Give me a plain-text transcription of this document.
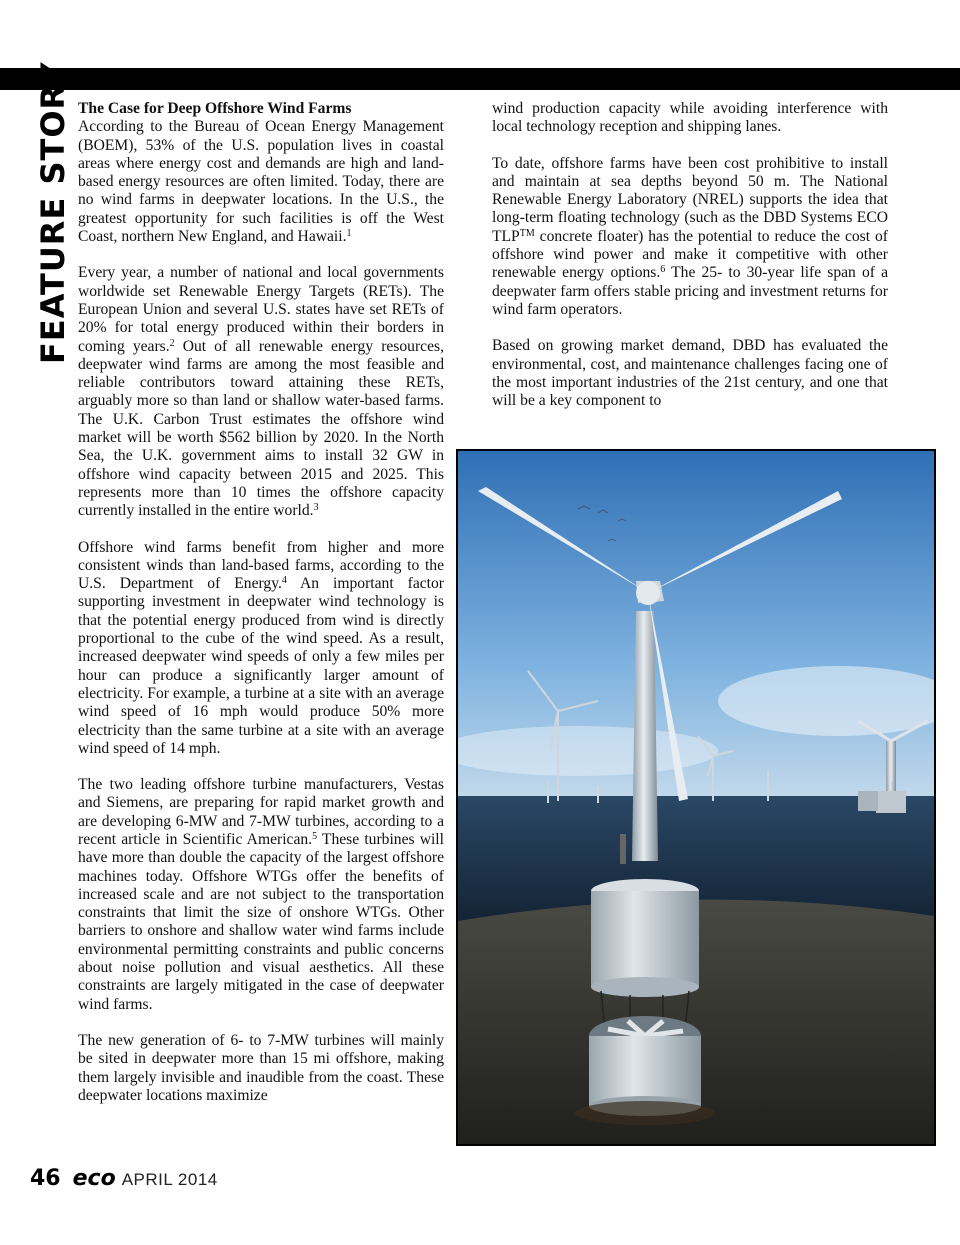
FEATURE STORY The Case for Deep Offshore Wind Farms
According to the Bureau of Ocean Energy Management (BOEM), 53% of the U.S. population lives in coastal areas where energy cost and demands are high and land-based energy resources are often limited. Today, there are no wind farms in deepwater locations. In the U.S., the greatest opportunity for such facilities is off the West Coast, northern New England, and Hawaii.$^1$

Every year, a number of national and local governments worldwide set Renewable Energy Targets (RETs). The European Union and several U.S. states have set RETs of 20% for total energy produced within their borders in coming years.$^2$ Out of all renewable energy resources, deepwater wind farms are among the most feasible and reliable contributors toward attaining these RETs, arguably more so than land or shallow water-based farms. The U.K. Carbon Trust estimates the offshore wind market will be worth $562 billion by 2020. In the North Sea, the U.K. government aims to install 32 GW in offshore wind capacity between 2015 and 2025. This represents more than 10 times the offshore capacity currently installed in the entire world.$^3$

Offshore wind farms benefit from higher and more consistent winds than land-based farms, according to the U.S. Department of Energy.$^4$ An important factor supporting investment in deepwater wind technology is that the potential energy produced from wind is directly proportional to the cube of the wind speed. As a result, increased deepwater wind speeds of only a few miles per hour can produce a significantly larger amount of electricity. For example, a turbine at a site with an average wind speed of 16 mph would produce 50% more electricity than the same turbine at a site with an average wind speed of 14 mph.

The two leading offshore turbine manufacturers, Vestas and Siemens, are preparing for rapid market growth and are developing 6-MW and 7-MW turbines, according to a recent article in Scientific American.$^5$ These turbines will have more than double the capacity of the largest offshore machines today. Offshore WTGs offer the benefits of increased scale and are not subject to the transportation constraints that limit the size of onshore WTGs. Other barriers to onshore and shallow water wind farms include environmental permitting constraints and public concerns about noise pollution and visual aesthetics. All these constraints are largely mitigated in the case of deepwater wind farms.

The new generation of 6- to 7-MW turbines will mainly be sited in deepwater more than 15 mi offshore, making them largely invisible and inaudible from the coast. These deepwater locations maximize

wind production capacity while avoiding interference with local technology reception and shipping lanes.

To date, offshore farms have been cost prohibitive to install and maintain at sea depths beyond 50 m. The National Renewable Energy Laboratory (NREL) supports the idea that long-term floating technology (such as the DBD Systems ECO TLP™ concrete floater) has the potential to reduce the cost of offshore wind power and make it competitive with other renewable energy options.$^6$ The 25- to 30-year life span of a deepwater farm offers stable pricing and investment returns for wind farm operators.

Based on growing market demand, DBD has evaluated the environmental, cost, and maintenance challenges facing one of the most important industries of the 21st century, and one that will be a key component to

46 eco APRIL 2014
